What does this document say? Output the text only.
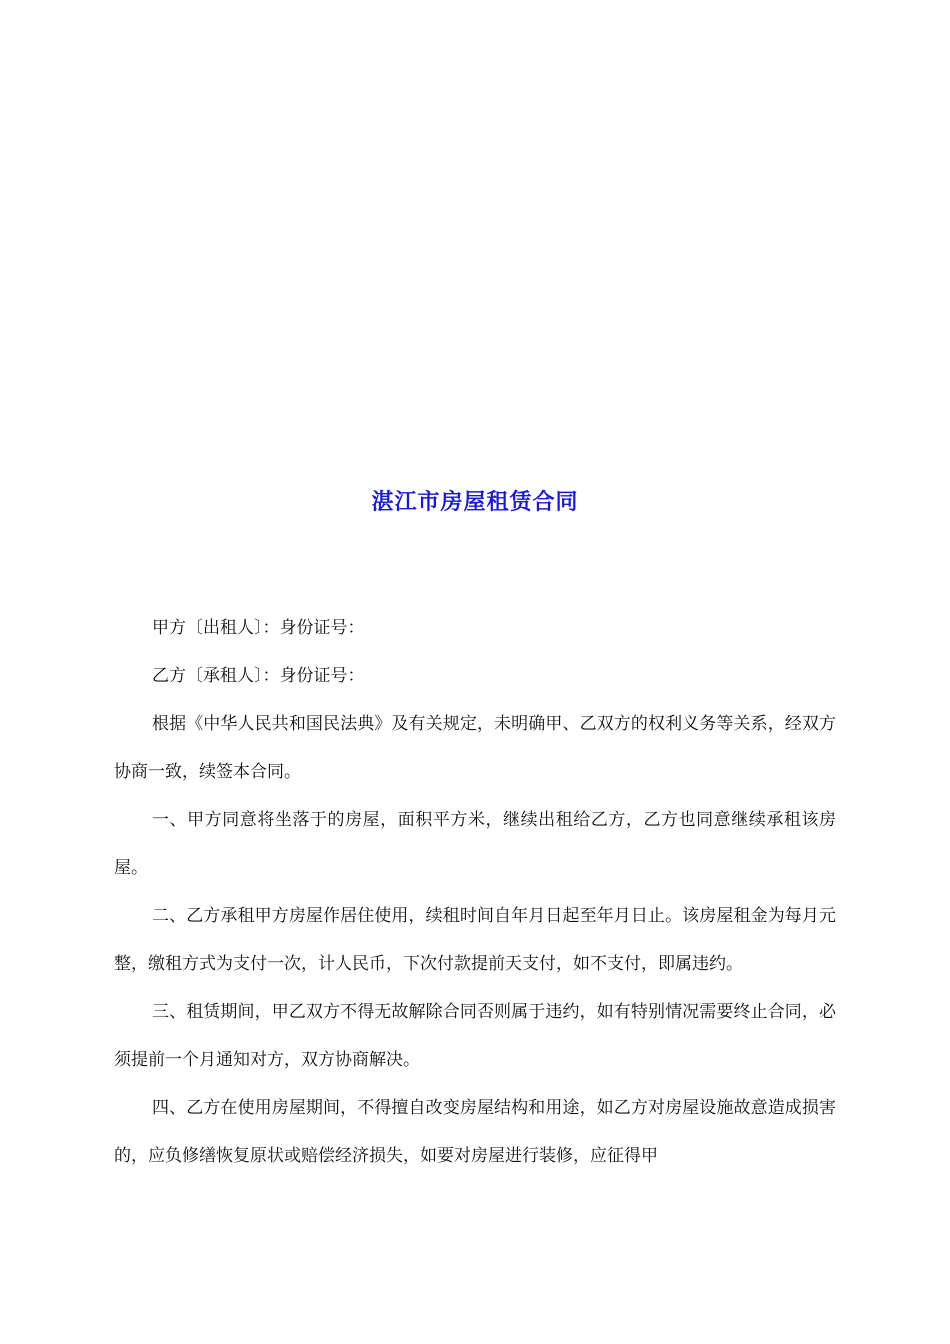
湛江市房屋租赁合同

甲方〔出租人〕：身份证号：

乙方〔承租人〕：身份证号：

根据《中华人民共和国民法典》及有关规定，未明确甲、乙双方的权利义务等关系，经双方协商一致，续签本合同。

一、甲方同意将坐落于的房屋，面积平方米，继续出租给乙方，乙方也同意继续承租该房屋。

二、乙方承租甲方房屋作居住使用，续租时间自年月日起至年月日止。该房屋租金为每月元整，缴租方式为支付一次，计人民币，下次付款提前天支付，如不支付，即属违约。

三、租赁期间，甲乙双方不得无故解除合同否则属于违约，如有特别情况需要终止合同，必须提前一个月通知对方，双方协商解决。

四、乙方在使用房屋期间，不得擅自改变房屋结构和用途，如乙方对房屋设施故意造成损害的，应负修缮恢复原状或赔偿经济损失，如要对房屋进行装修，应征得甲
